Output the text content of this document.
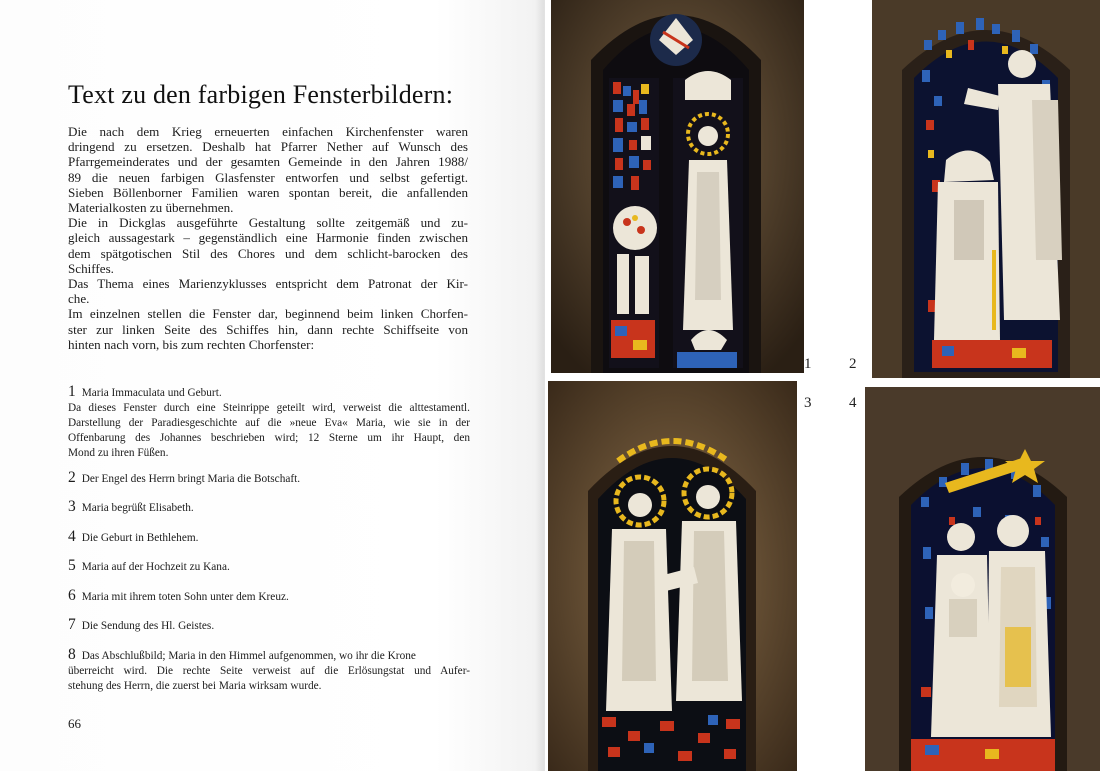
Text zu den farbigen Fensterbildern:
Die nach dem Krieg erneuerten einfachen Kirchenfenster waren
dringend zu ersetzen. Deshalb hat Pfarrer Nether auf Wunsch des
Pfarrgemeinderates und der gesamten Gemeinde in den Jahren 1988/
89 die neuen farbigen Glasfenster entworfen und selbst gefertigt.
Sieben Böllenborner Familien waren spontan bereit, die anfallenden
Materialkosten zu übernehmen.
Die in Dickglas ausgeführte Gestaltung sollte zeitgemäß und zu-
gleich aussagestark – gegenständlich eine Harmonie finden zwischen
dem spätgotischen Stil des Chores und dem schlicht-barocken des
Schiffes.
Das Thema eines Marienzyklusses entspricht dem Patronat der Kir-
che.
Im einzelnen stellen die Fenster dar, beginnend beim linken Chorfen-
ster zur linken Seite des Schiffes hin, dann rechte Schiffseite von
hinten nach vorn, bis zum rechten Chorfenster:
1 Maria Immaculata und Geburt.
Da dieses Fenster durch eine Steinrippe geteilt wird, verweist die alttestamentl.
Darstellung der Paradiesgeschichte auf die »neue Eva« Maria, wie sie in der
Offenbarung des Johannes beschrieben wird; 12 Sterne um ihr Haupt, den
Mond zu ihren Füßen.
2 Der Engel des Herrn bringt Maria die Botschaft.
3 Maria begrüßt Elisabeth.
4 Die Geburt in Bethlehem.
5 Maria auf der Hochzeit zu Kana.
6 Maria mit ihrem toten Sohn unter dem Kreuz.
7 Die Sendung des Hl. Geistes.
8 Das Abschlußbild; Maria in den Himmel aufgenommen, wo ihr die Krone
überreicht wird. Die rechte Seite verweist auf die Erlösungstat und Aufer-
stehung des Herrn, die zuerst bei Maria wirksam wurde.
66
1	2
3	4
